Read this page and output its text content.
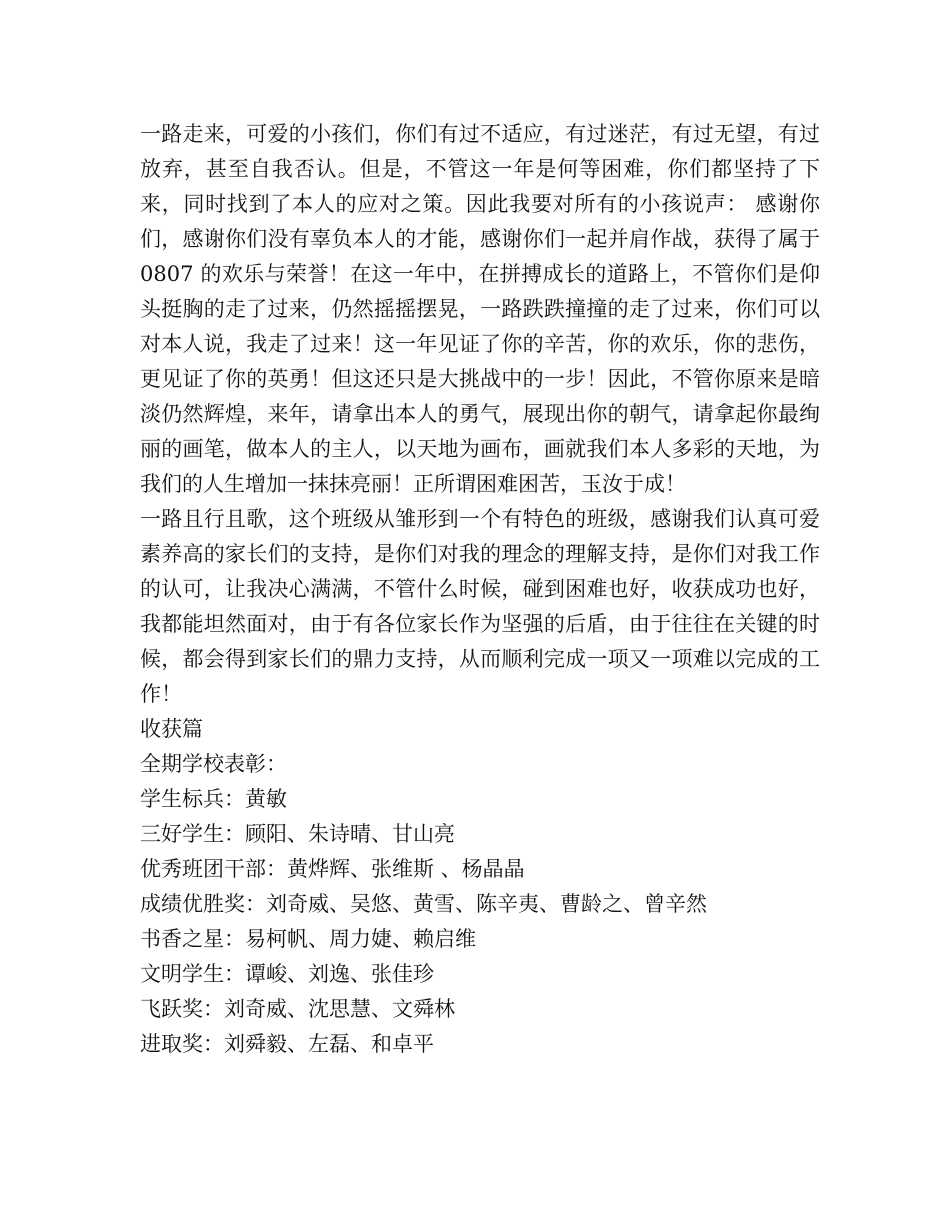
一路走来，可爱的小孩们，你们有过不适应，有过迷茫，有过无望，有过放弃，甚至自我否认。但是，不管这一年是何等困难，你们都坚持了下来，同时找到了本人的应对之策。因此我要对所有的小孩说声： 感谢你们，感谢你们没有辜负本人的才能，感谢你们一起并肩作战，获得了属于 0807 的欢乐与荣誉！在这一年中，在拼搏成长的道路上，不管你们是仰头挺胸的走了过来，仍然摇摇摆晃，一路跌跌撞撞的走了过来，你们可以对本人说，我走了过来！这一年见证了你的辛苦，你的欢乐，你的悲伤，更见证了你的英勇！但这还只是大挑战中的一步！因此，不管你原来是暗淡仍然辉煌，来年，请拿出本人的勇气，展现出你的朝气，请拿起你最绚丽的画笔，做本人的主人，以天地为画布，画就我们本人多彩的天地，为我们的人生增加一抹抹亮丽！正所谓困难困苦，玉汝于成！

一路且行且歌，这个班级从雏形到一个有特色的班级，感谢我们认真可爱素养高的家长们的支持，是你们对我的理念的理解支持，是你们对我工作的认可，让我决心满满，不管什么时候，碰到困难也好，收获成功也好，我都能坦然面对，由于有各位家长作为坚强的后盾，由于往往在关键的时候，都会得到家长们的鼎力支持，从而顺利完成一项又一项难以完成的工作！

收获篇

全期学校表彰：

学生标兵：黄敏

三好学生：顾阳、朱诗晴、甘山亮

优秀班团干部：黄烨辉、张维斯 、杨晶晶

成绩优胜奖：刘奇威、吴悠、黄雪、陈辛夷、曹龄之、曾辛然

书香之星：易柯帆、周力婕、赖启维

文明学生：谭峻、刘逸、张佳珍

飞跃奖：刘奇威、沈思慧、文舜林

进取奖：刘舜毅、左磊、和卓平
